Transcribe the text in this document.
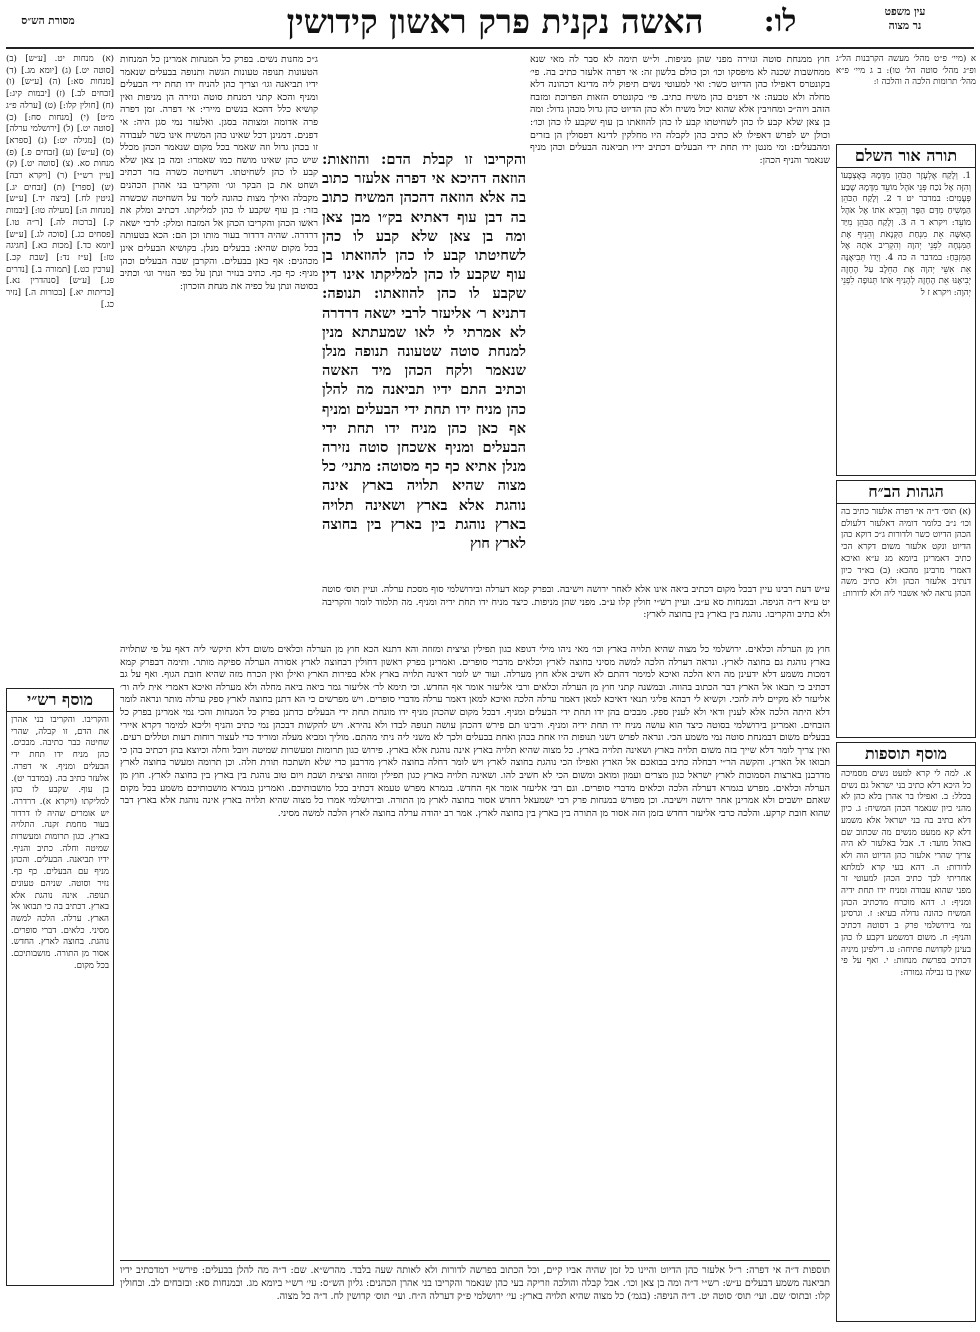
מסורת הש״ס	האשה נקנית פרק ראשון קידושין	לו:	עין משפט
נר מצוה
א (מיי׳ פ״ט מהל׳ מעשה הקרבנות הל״ג ופ״ג מהל׳ סוטה הל׳ טו): ב ג מיי׳ פ״א מהל׳ תרומות הלכה ה והלכה ו:
תורה אור השלם
1. וְלָקַח אֶלְעָזָר הַכֹּהֵן מִדָּמָהּ בְּאֶצְבָּעוֹ וְהִזָּה אֶל נֹכַח פְּנֵי אֹהֶל מוֹעֵד מִדָּמָהּ שֶׁבַע פְּעָמִים: במדבר יט ד 2. וְלָקַח הַכֹּהֵן הַמָּשִׁיחַ מִדַּם הַפָּר וְהֵבִיא אֹתוֹ אֶל אֹהֶל מוֹעֵד: ויקרא ד ה 3. וְלָקַח הַכֹּהֵן מִיַּד הָאִשָּׁה אֵת מִנְחַת הַקְּנָאֹת וְהֵנִיף אֶת הַמִּנְחָה לִפְנֵי יְהוָה וְהִקְרִיב אֹתָהּ אֶל הַמִּזְבֵּחַ: במדבר ה כה 4. וְיָדוֹ תְּבִיאֶנָּה אֵת אִשֵּׁי יְהוָה אֶת הַחֵלֶב עַל הֶחָזֶה יְבִיאֶנּוּ אֵת הֶחָזֶה לְהָנִיף אֹתוֹ תְּנוּפָה לִפְנֵי יְהוָה: ויקרא ז ל
הגהות הב״ח
(א) תוס׳ ד״ה אי דפרה אלעזר כתיב בה וכו׳ נ״ב כלומר דומיה דאלעזר דלעולם הכהן הדיוט כשר ולדורות ג״כ דוקא כהן הדיוט ונקט אלעזר משום דקרא הכי כתיב דאמרינן ביומא מג ע״א ואיכא דאמרי מרבינן מהכא: (ב) בא״ד כיון דנתיב אלעזר הכהן ולא כתיב משה הכהן נראה לאי אשבוי ליה ולא לדורות:
מוסף תוספות
א. למה לי קרא למעט נשים מסמיכה כל היכא דלא כתיב בני ישראל גם נשים בכלל: ב. ואפילו בר אהרן בלא כהן לא מהני כיון שנאמר הכהן המשיח: ג. כיון דלא כתיב בה בני ישראל אלא משמע דלא קא ממעט מנשים מה שכתוב שם באהל מועד: ד. אבל באלעזר לא היה צריך שהרי אלעזר כהן הדיוט הוה ולא לדורות: ה. דהא בעי קרא למלתא אחריתי לכך כתיב הכהן למעוטי זר מפני שהוא עבודה ומניח ידו תחת ידיה ומניף: ו. דהא מוכרח מדכתיב הכהן המשיח כהונה גדולה בעיא: ז. וגרסינן נמי בירושלמי פרק ב דסוטה דכתיב והניף: ח. משום דמשמע דקבע לו כהן בעינן לקדושת פתיחה: ט. דילפינן מיניה דכתיב בפרשת מנחות: י. ואף על פי שאין בו נבילה גמורה:
(א) מנחות יט. [ע״ש] (ב) [סוטה יט.] (ג) [יומא מג.] (ד) [מנחות סא:] (ה) [ע״ש] (ו) [זבחים לב.] (ז) [יבמות קיג:] (ח) [חולין קלו:] (ט) [ערלה פ״ג מ״ט] (י) [מנחות סח:] (כ) [סוטה יט.] (ל) [ירושלמי ערלה] (מ) [מגילה יט:] (נ) [ספרא] (ס) [ע״ש] (ע) [זבחים פ.] (פ) מנחות סא. (צ) [סוטה יט.] (ק) [עיין רש״י] (ר) [ויקרא רבה] (ש) [ספרי] (ת) [זבחים יג.] [גיטין לח.] [ביצה יד.] [ע״ש] [מנחות ה:] [מעילה טו:] [יבמות ק.] [ברכות לה.] [ר״ה טו.] [פסחים כג.] [סוכה לג.] [ע״ש] [יומא כד.] [מכות כא.] [חגיגה טז:] [ע״ז נד:] [שבת קכ.] [ערכין כט.] [תמורה ב.] [נדרים פג.] [ע״ש] [סנהדרין נא.] [כריתות יא.] [בכורות ה.] [נזיר כג.]
מוסף רש״י
והקריבו. והקריבו בני אהרן את הדם, זו קבלה, שהרי שחיטה כבר כתיבה. מבכים. כהן מניח ידו תחת ידי הבעלים ומניף. אי דפרה. אלעזר כתיב בה. (במדבר יט). בן עוף. שקבע לו כהן למליקתו (ויקרא א). דרדרה. יש אומרים שהיה לו דרדור בעור מחמת זקנה. התלויה בארץ. כגון תרומות ומעשרות שמיטה וחלה. כתיב והניף. ידיו תביאנה. הבעלים. והכהן מניף עם הבעלים. כף כף. נזיר וסוטה. שניהם טעונים תנופה. אינה נוהגת אלא בארץ. דכתיב בה כי תבואו אל הארץ. ערלה. הלכה למשה מסיני. כלאים. דברי סופרים. נוהגת. בחוצה לארץ. החדש. אסור מן התורה. מושבותיכם. בכל מקום.
חוץ ממנחת סוטה ונזירה מפני שהן מניפות. ול״ש תימה לא סבר לה מאי שנא ממחשבות שכנה לא מיפסקו וכו׳ וכן כולם בלשון זה: אי דפרה אלעזר כתיב בה. פי׳ בקונטרס דאפילו כהן הדיוט כשר: ואי למעוטי נשים תיפוק ליה מדינא דכהונה דלא מחלה ולא טבעה: אי דפנים כהן משיח כתיב. פי׳ בקונטרס הזאות הפרוכת ומזבח הזהב ויוה״כ ומחויבין אלא שהוא יכול משיח ולא כהן הדיוט כהן גדול מכהן גדול: ומה בן צאן שלא קבע לו כהן לשחיטתו קבע לו כהן להוזאתו בן עוף שקבע לו כהן וכו׳: וכולן יש לפרש דאפילו לא כתיב כהן לקבלה היו מחלקין לדינא דפסולין הן בזרים ומהבעלים: ומי מנטן ידו תחת ידי הבעלים דכתיב ידיו תביאנה הבעלים וכהן מניף שנאמר והניף הכהן:
ג״כ מחנות נשים. בפרק כל המנחות אמרינן כל המנחות הטעונות תנופה טעונות הגשה ותנופה בבעלים שנאמר ידיו תביאנה וגו׳ וצריך כהן להניח ידו תחת ידי הבעלים ומניף והכא קתני דמנחת סוטה ונזירה הן מניפות ואין קושיא כלל דהכא בנשים מיירי: אי דפרה. זמן דפרה פרה אדומה ומצותה בסגן. ואלעזר נמי סגן היה: אי דפנים. דמנינן דכל שאינו כהן המשיח אינו כשר לעבודה זו בכהן גדול וזה שאמר בכל מקום שנאמר הכהן מכלל שיש כהן שאינו מושח כמו שאמרו: ומה בן צאן שלא קבע לו כהן לשחיטתו. דשחיטה כשרה בזר דכתיב ושחט את בן הבקר וגו׳ והקריבו בני אהרן הכהנים מקבלה ואילך מצות כהונה לימד על השחיטה שכשרה בזר: בן עוף שקבע לו כהן למליקתו. דכתיב ומלק את ראשו הכהן והקריבו הכהן אל המזבח ומלק: לרבי ישאה דרדרה. שהיה דרדור בעור מותו וכן הם: הכא בטעותה בכל מקום שהיא: בבעלים מנלן. בקושיא הבעלים אינן מכהנים: אף כאן בבעלים. והקרבן שבה הבעלים וכהן מניף: כף כף. כתיב בנזיר ונתן על כפי הנזיר וגו׳ וכתיב בסוטה ונתן על כפיה את מנחת הזכרון:
והקריבו זו קבלת הדם: והוזאות: הוזאה דהיכא אי דפרה אלעזר כתוב בה אלא הוזאה דהכהן המשיח כתוב בה דבן עוף דאתיא בק״ו מבן צאן ומה בן צאן שלא קבע לו כהן לשחיטתו קבע לו כהן להוזאתו בן עוף שקבע לו כהן למליקתו אינו דין שקבע לו כהן להוזאתו: תנופה: דתניא ר׳ אליעזר לרבי ישאה דרדרה לא אמרתי לי לאו שמעתתא מנין למנחת סוטה שטעונה תנופה מנלן שנאמר ולקח הכהן מיד האשה וכתיב התם ידיו תביאנה מה להלן כהן מניח ידו תחת ידי הבעלים ומניף אף כאן כהן מניח ידו תחת ידי הבעלים ומניף אשכחן סוטה נזירה מנלן אתיא כף כף מסוטה: מתני׳ כל מצוה שהיא תלויה בארץ אינה נוהגת אלא בארץ ושאינה תלויה בארץ נוהגת בין בארץ בין בחוצה לארץ חוץ
ע״ש דעת רבינו עיין דבכל מקום דכתיב ביאה אינו אלא לאחר ירושה וישיבה. ובפרק קמא דערלה ובירושלמי סוף מסכת ערלה. ועיין תוס׳ סוטה יט ע״א ד״ה הניפה. ובמנחות סא ע״ב. ועיין רש״י חולין קלו ע״ב. מפני שהן מניפות. כיצד מניח ידו תחת ידיה ומניף. מה תלמוד לומר והקריבה ולא כתיב והקריבו. נוהגת בין בארץ בין בחוצה לארץ:
חוץ מן הערלה וכלאים. ירושלמי כל מצוה שהיא תלויה בארץ וכו׳ מאי ניהו מילי דגופא כגון תפילין וציצית ומזוזה והא דתנא הכא חוץ מן הערלה וכלאים משום דלא תיקשי ליה דאף על פי שתלויה בארץ נוהגת גם בחוצה לארץ. ונראה דערלה הלכה למשה מסיני בחוצה לארץ וכלאים מדברי סופרים. ואמרינן בפרק ראשון דחולין דבחוצה לארץ אסורה הערלה ספיקה מותר. ותימה דבפרק קמא דמכות משמע דלא ידעינן מה היא הלכה ואיכא למימר דהתם לא חשיב אלא חוץ מערלה. ועוד יש לומר דאינה תלויה בארץ אלא בפירות הארץ ואילן ואין הכרח מזה שהיא חובת הגוף. ואף על גב דכתיב כי תבאו אל הארץ דבר הכתוב בהווה. ובמשנה קתני חוץ מן הערלה וכלאים ורבי אליעזר אומר אף החדש. וכי תימא לר׳ אליעזר גמר ביאה ביאה מחלה ולא מערלה ואיכא דאמרי אית ליה ור׳ אליעזר לא מקיים ליה להכי. וקשיא לי דבהא פליגי תנאי דאיכא למאן דאמר ערלה הלכה ואיכא למאן דאמר ערלה מדברי סופרים. ויש מפרשים כי הא דתנן בחוצה לארץ ספק ערלה מותר ונראה לומר דלא היתה הלכה אלא לענין ודאי ולא לענין ספק. מבכים בהן ידו תחת ידי הבעלים ומניף. דבכל מקום שהכהן מניף ידו מונחת תחת ידי הבעלים כדתנן בפרק כל המנחות והכי נמי אמרינן בפרק כל הזבחים. ואמרינן בירושלמי בסוטה כיצד הוא עושה מניח ידו תחת ידיה ומניף. ורבינו תם פירש דהכהן עושה תנופה לבדו ולא נהירא. ויש להקשות דבכהן נמי כתיב והניף וליכא למימר דקרא איירי בבעלים משום דבמנחת סוטה נמי משמע הכי. ונראה לפרש דשני תנופות היו אחת בכהן ואחת בבעלים ולכך לא משני ליה ניתי מהתם. מוליך ומביא מעלה ומוריד כדי לעצור רוחות רעות וטללים רעים. ואין צריך לומר דלא שייך בזה משום תלויה בארץ ושאינה תלויה בארץ. כל מצוה שהיא תלויה בארץ אינה נוהגת אלא בארץ. פירוש כגון תרומות ומעשרות שמיטה ויובל וחלה וכיוצא בהן דכתיב בהן כי תבואו אל הארץ. והקשה הר״י דבחלה כתיב בבואכם אל הארץ ואפילו הכי נוהגת בחוצה לארץ ויש לומר דחלה בחוצה לארץ מדרבנן כדי שלא תשתכח תורת חלה. וכן תרומה ומעשר בחוצה לארץ מדרבנן בארצות הסמוכות לארץ ישראל כגון מצרים ועמון ומואב ומשום הכי לא חשיב להו. ושאינה תלויה בארץ כגון תפילין ומזוזה וציצית ושבת ויום טוב נוהגת בין בארץ בין בחוצה לארץ. חוץ מן הערלה וכלאים. מפרש בגמרא דערלה הלכה וכלאים מדברי סופרים. וגם רבי אליעזר אומר אף החדש. בגמרא מפרש טעמא דכתיב בכל מושבותיכם. ואמרינן בגמרא מושבותיכם משמע בכל מקום שאתם יושבים ולא אמרינן אחר ירושה וישיבה. וכן מפורש במנחות פרק רבי ישמעאל דחדש אסור בחוצה לארץ מן התורה. ובירושלמי אמרו כל מצוה שהיא תלויה בארץ אינה נוהגת אלא בארץ דבר שהוא חובת קרקע. והלכה כרבי אליעזר דחדש בזמן הזה אסור מן התורה בין בארץ בין בחוצה לארץ. אמר רב יהודה ערלה בחוצה לארץ הלכה למשה מסיני.
תוספות ד״ה אי דפרה: ר״ל אלעזר כהן הדיוט והיינו כל זמן שהיה אביו קיים, וכל הכתוב בפרשה לדורות ולא לאותה שעה בלבד. מהרש״א. שם: ד״ה מה להלן בבעלים: פירש״י דמדכתיב ידיו תביאנה משמע דבעלים ע״ש: רש״י ד״ה ומה בן צאן וכו׳. אבל קבלה והולכה וזריקה בעי כהן שנאמר והקריבו בני אהרן הכהנים: גליון הש״ס: עי׳ רש״י ביומא מג. ובמנחות סא: ובזבחים לב. ובחולין קלו: ובתוס׳ שם. ועי׳ תוס׳ סוטה יט. ד״ה הניפה: (בגמ׳) כל מצוה שהיא תלויה בארץ: עי׳ ירושלמי פ״ק דערלה ה״ח. ועי׳ תוס׳ קדושין לח. ד״ה כל מצוה.
